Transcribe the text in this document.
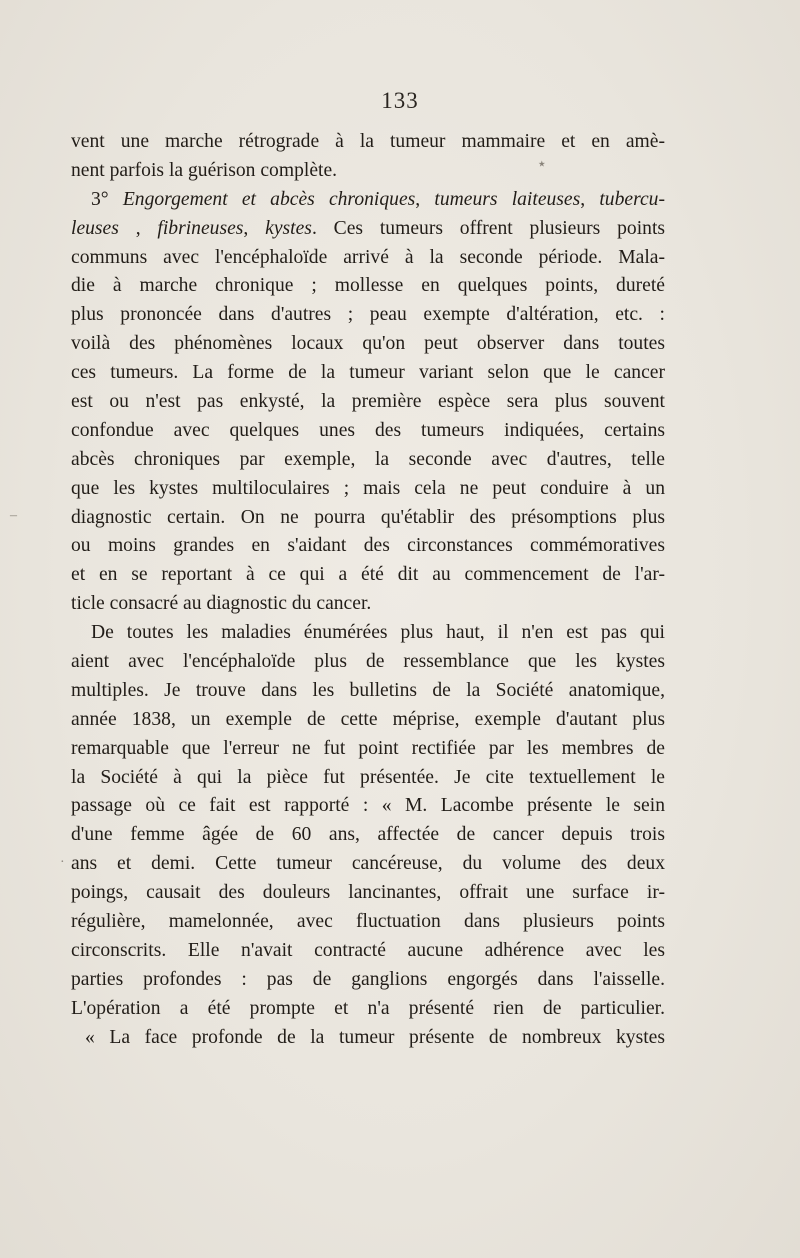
133
vent une marche rétrograde à la tumeur mammaire et en amè-
nent parfois la guérison complète.
3° Engorgement et abcès chroniques, tumeurs laiteuses, tubercu-
leuses , fibrineuses, kystes. Ces tumeurs offrent plusieurs points
communs avec l'encéphaloïde arrivé à la seconde période. Mala-
die à marche chronique ; mollesse en quelques points, dureté
plus prononcée dans d'autres ; peau exempte d'altération, etc. :
voilà des phénomènes locaux qu'on peut observer dans toutes
ces tumeurs. La forme de la tumeur variant selon que le cancer
est ou n'est pas enkysté, la première espèce sera plus souvent
confondue avec quelques unes des tumeurs indiquées, certains
abcès chroniques par exemple, la seconde avec d'autres, telle
que les kystes multiloculaires ; mais cela ne peut conduire à un
diagnostic certain. On ne pourra qu'établir des présomptions plus
ou moins grandes en s'aidant des circonstances commémoratives
et en se reportant à ce qui a été dit au commencement de l'ar-
ticle consacré au diagnostic du cancer.
De toutes les maladies énumérées plus haut, il n'en est pas qui
aient avec l'encéphaloïde plus de ressemblance que les kystes
multiples. Je trouve dans les bulletins de la Société anatomique,
année 1838, un exemple de cette méprise, exemple d'autant plus
remarquable que l'erreur ne fut point rectifiée par les membres de
la Société à qui la pièce fut présentée. Je cite textuellement le
passage où ce fait est rapporté : « M. Lacombe présente le sein
d'une femme âgée de 60 ans, affectée de cancer depuis trois
ans et demi. Cette tumeur cancéreuse, du volume des deux
poings, causait des douleurs lancinantes, offrait une surface ir-
régulière, mamelonnée, avec fluctuation dans plusieurs points
circonscrits. Elle n'avait contracté aucune adhérence avec les
parties profondes : pas de ganglions engorgés dans l'aisselle.
L'opération a été prompte et n'a présenté rien de particulier.
« La face profonde de la tumeur présente de nombreux kystes
٭
–
·
